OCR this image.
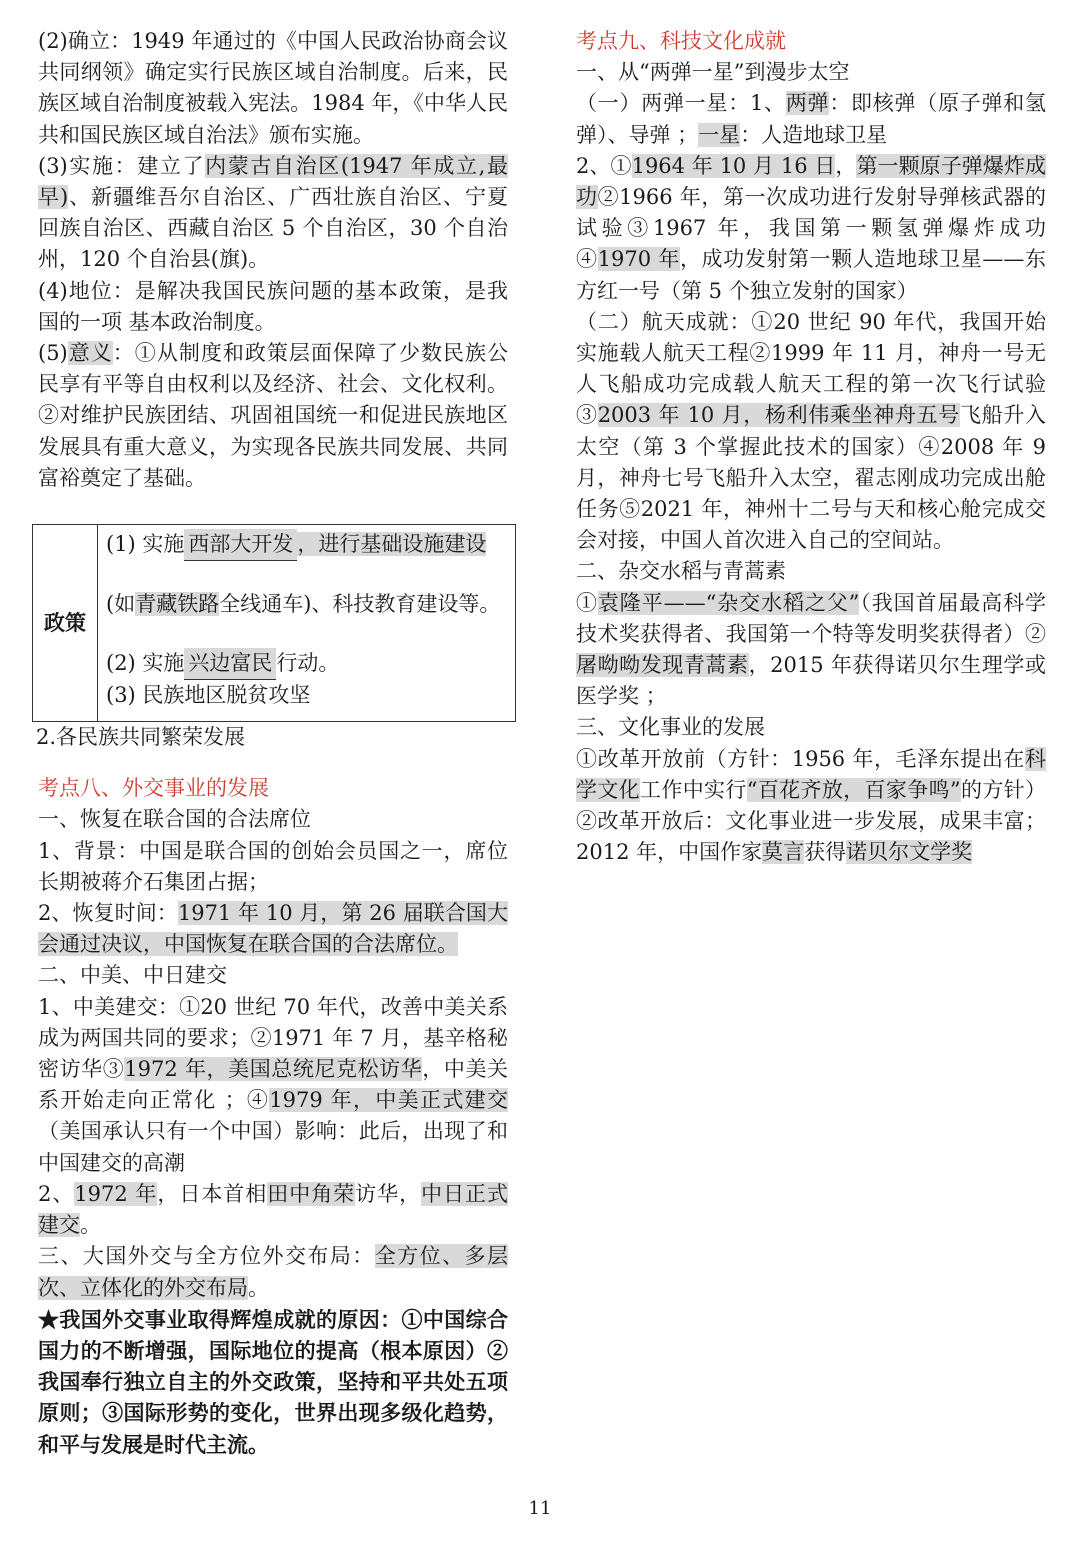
(2)确立：1949 年通过的《中国人民政治协商会议共同纲领》确定实行民族区域自治制度。后来，民族区域自治制度被载入宪法。1984 年，《中华人民共和国民族区域自治法》颁布实施。

(3)实施：建立了内蒙古自治区(1947 年成立,最早)、新疆维吾尔自治区、广西壮族自治区、宁夏回族自治区、西藏自治区 5 个自治区，30 个自治州，120 个自治县(旗)。

(4)地位：是解决我国民族问题的基本政策，是我国的一项 基本政治制度。

(5)意义：①从制度和政策层面保障了少数民族公民享有平等自由权利以及经济、社会、文化权利。②对维护民族团结、巩固祖国统一和促进民族地区发展具有重大意义，为实现各民族共同发展、共同富裕奠定了基础。

政策	
(1) 实施 西部大开发 ，进行基础设施建设
(如青藏铁路全线通车)、科技教育建设等。
(2) 实施 兴边富民 行动。
(3) 民族地区脱贫攻坚

2.各民族共同繁荣发展

考点八、外交事业的发展

一、恢复在联合国的合法席位

1、背景：中国是联合国的创始会员国之一，席位长期被蒋介石集团占据；

2、恢复时间：1971 年 10 月，第 26 届联合国大会通过决议，中国恢复在联合国的合法席位。

二、中美、中日建交

1、中美建交：①20 世纪 70 年代，改善中美关系成为两国共同的要求；②1971 年 7 月，基辛格秘密访华③1972 年，美国总统尼克松访华，中美关系开始走向正常化 ；④1979 年，中美正式建交（美国承认只有一个中国）影响：此后，出现了和中国建交的高潮

2、1972 年，日本首相田中角荣访华，中日正式建交。

三、大国外交与全方位外交布局：全方位、多层次、立体化的外交布局。

★我国外交事业取得辉煌成就的原因：①中国综合国力的不断增强，国际地位的提高（根本原因）②我国奉行独立自主的外交政策，坚持和平共处五项原则；③国际形势的变化，世界出现多级化趋势，和平与发展是时代主流。

考点九、科技文化成就

一、从“两弹一星”到漫步太空

（一）两弹一星：1、两弹：即核弹（原子弹和氢弹）、导弹 ；一星：人造地球卫星

2、①1964 年 10 月 16 日，第一颗原子弹爆炸成功②1966 年，第一次成功进行发射导弹核武器的试验③1967 年，我国第一颗氢弹爆炸成功④1970 年，成功发射第一颗人造地球卫星——东方红一号（第 5 个独立发射的国家）

（二）航天成就：①20 世纪 90 年代，我国开始实施载人航天工程②1999 年 11 月，神舟一号无人飞船成功完成载人航天工程的第一次飞行试验 ③2003 年 10 月，杨利伟乘坐神舟五号飞船升入太空（第 3 个掌握此技术的国家）④2008 年 9 月，神舟七号飞船升入太空，翟志刚成功完成出舱任务⑤2021 年，神州十二号与天和核心舱完成交会对接，中国人首次进入自己的空间站。

二、杂交水稻与青蒿素

①袁隆平——“杂交水稻之父”（我国首届最高科学技术奖获得者、我国第一个特等发明奖获得者）②屠呦呦发现青蒿素，2015 年获得诺贝尔生理学或医学奖 ；

三、文化事业的发展

①改革开放前（方针：1956 年，毛泽东提出在科学文化工作中实行“百花齐放，百家争鸣”的方针）②改革开放后：文化事业进一步发展，成果丰富；2012 年，中国作家莫言获得诺贝尔文学奖

11
